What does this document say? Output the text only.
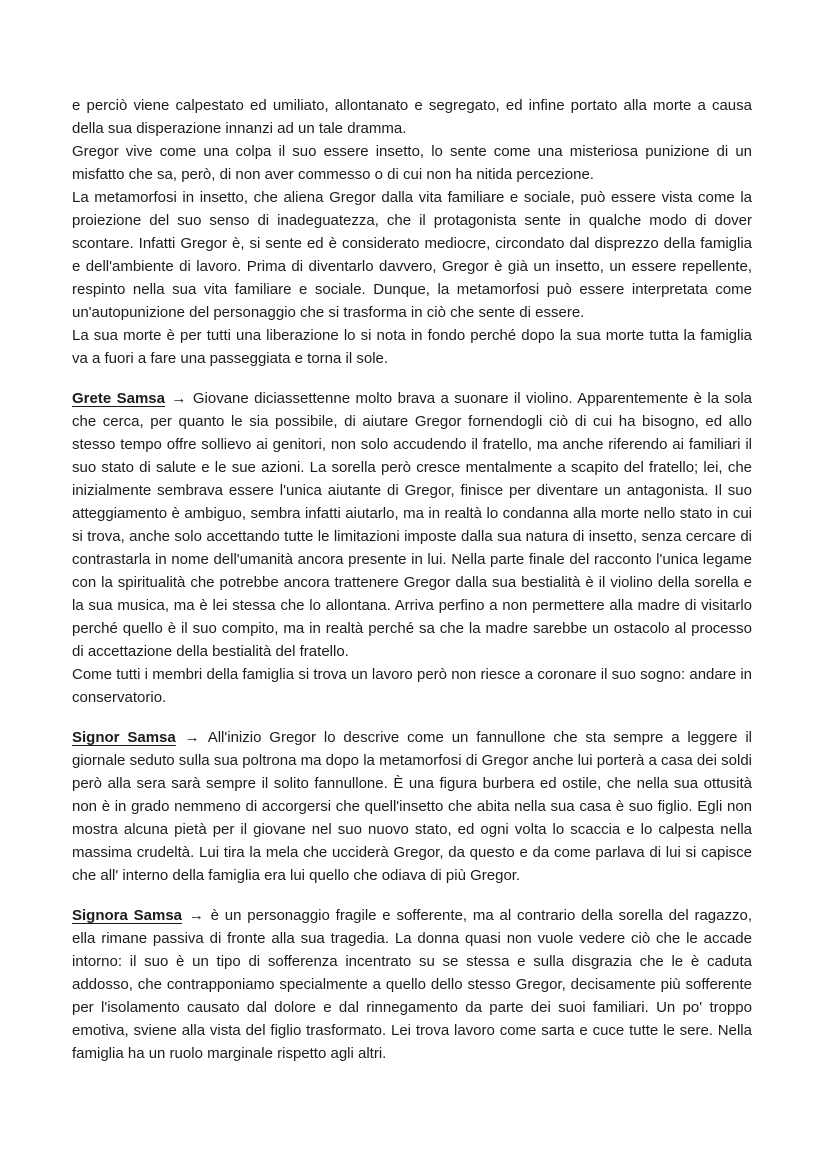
e perciò viene calpestato ed umiliato, allontanato e segregato, ed infine portato alla morte a causa della sua disperazione innanzi ad un tale dramma.

Gregor vive come una colpa il suo essere insetto, lo sente come una misteriosa punizione di un misfatto che sa, però, di non aver commesso o di cui non ha nitida percezione.

La metamorfosi in insetto, che aliena Gregor dalla vita familiare e sociale, può essere vista come la proiezione del suo senso di inadeguatezza, che il protagonista sente in qualche modo di dover scontare. Infatti Gregor è, si sente ed è considerato mediocre, circondato dal disprezzo della famiglia e dell'ambiente di lavoro. Prima di diventarlo davvero, Gregor è già un insetto, un essere repellente, respinto nella sua vita familiare e sociale. Dunque, la metamorfosi può essere interpretata come un'autopunizione del personaggio che si trasforma in ciò che sente di essere.

La sua morte è per tutti una liberazione lo si nota in fondo perché dopo la sua morte tutta la famiglia va a fuori a fare una passeggiata e torna il sole.

Grete Samsa → Giovane diciassettenne molto brava a suonare il violino. Apparentemente è la sola che cerca, per quanto le sia possibile, di aiutare Gregor fornendogli ciò di cui ha bisogno, ed allo stesso tempo offre sollievo ai genitori, non solo accudendo il fratello, ma anche riferendo ai familiari il suo stato di salute e le sue azioni. La sorella però cresce mentalmente a scapito del fratello; lei, che inizialmente sembrava essere l'unica aiutante di Gregor, finisce per diventare un antagonista. Il suo atteggiamento è ambiguo, sembra infatti aiutarlo, ma in realtà lo condanna alla morte nello stato in cui si trova, anche solo accettando tutte le limitazioni imposte dalla sua natura di insetto, senza cercare di contrastarla in nome dell'umanità ancora presente in lui. Nella parte finale del racconto l'unica legame con la spiritualità che potrebbe ancora trattenere Gregor dalla sua bestialità è il violino della sorella e la sua musica, ma è lei stessa che lo allontana. Arriva perfino a non permettere alla madre di visitarlo perché quello è il suo compito, ma in realtà perché sa che la madre sarebbe un ostacolo al processo di accettazione della bestialità del fratello.

Come tutti i membri della famiglia si trova un lavoro però non riesce a coronare il suo sogno: andare in conservatorio.

Signor Samsa → All'inizio Gregor lo descrive come un fannullone che sta sempre a leggere il giornale seduto sulla sua poltrona ma dopo la metamorfosi di Gregor anche lui porterà a casa dei soldi però alla sera sarà sempre il solito fannullone. È una figura burbera ed ostile, che nella sua ottusità non è in grado nemmeno di accorgersi che quell'insetto che abita nella sua casa è suo figlio. Egli non mostra alcuna pietà per il giovane nel suo nuovo stato, ed ogni volta lo scaccia e lo calpesta nella massima crudeltà. Lui tira la mela che ucciderà Gregor, da questo e da come parlava di lui si capisce che all' interno della famiglia era lui quello che odiava di più Gregor.

Signora Samsa → è un personaggio fragile e sofferente, ma al contrario della sorella del ragazzo, ella rimane passiva di fronte alla sua tragedia. La donna quasi non vuole vedere ciò che le accade intorno: il suo è un tipo di sofferenza incentrato su se stessa e sulla disgrazia che le è caduta addosso, che contrapponiamo specialmente a quello dello stesso Gregor, decisamente più sofferente per l'isolamento causato dal dolore e dal rinnegamento da parte dei suoi familiari. Un po' troppo emotiva, sviene alla vista del figlio trasformato. Lei trova lavoro come sarta e cuce tutte le sere. Nella famiglia ha un ruolo marginale rispetto agli altri.
